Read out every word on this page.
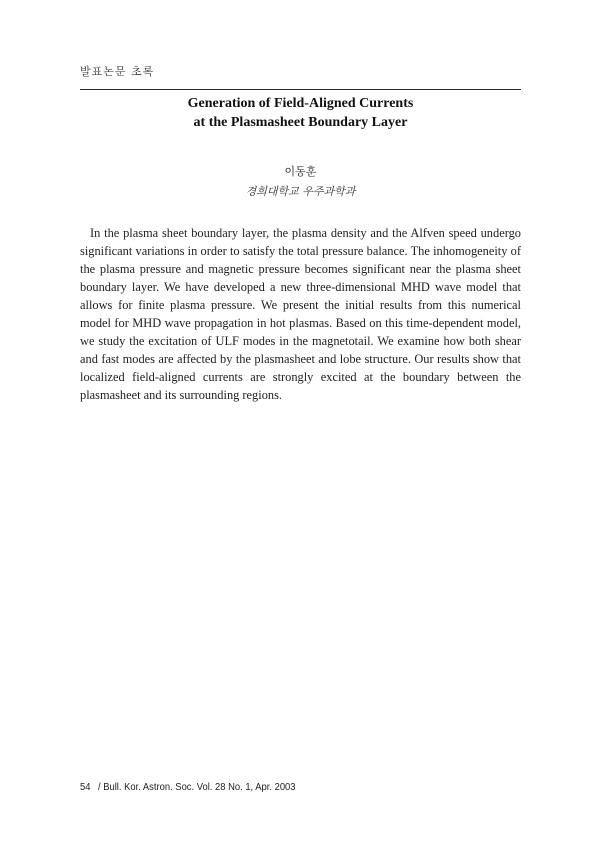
발표논문 초록
Generation of Field-Aligned Currents
at the Plasmasheet Boundary Layer
이동훈
경희대학교 우주과학과

In the plasma sheet boundary layer, the plasma density and the Alfven speed undergo significant variations in order to satisfy the total pressure balance. The inhomogeneity of the plasma pressure and magnetic pressure becomes significant near the plasma sheet boundary layer. We have developed a new three-dimensional MHD wave model that allows for finite plasma pressure. We present the initial results from this numerical model for MHD wave propagation in hot plasmas. Based on this time-dependent model, we study the excitation of ULF modes in the magnetotail. We examine how both shear and fast modes are affected by the plasmasheet and lobe structure. Our results show that localized field-aligned currents are strongly excited at the boundary between the plasmasheet and its surrounding regions.

54 / Bull. Kor. Astron. Soc. Vol. 28 No. 1, Apr. 2003
